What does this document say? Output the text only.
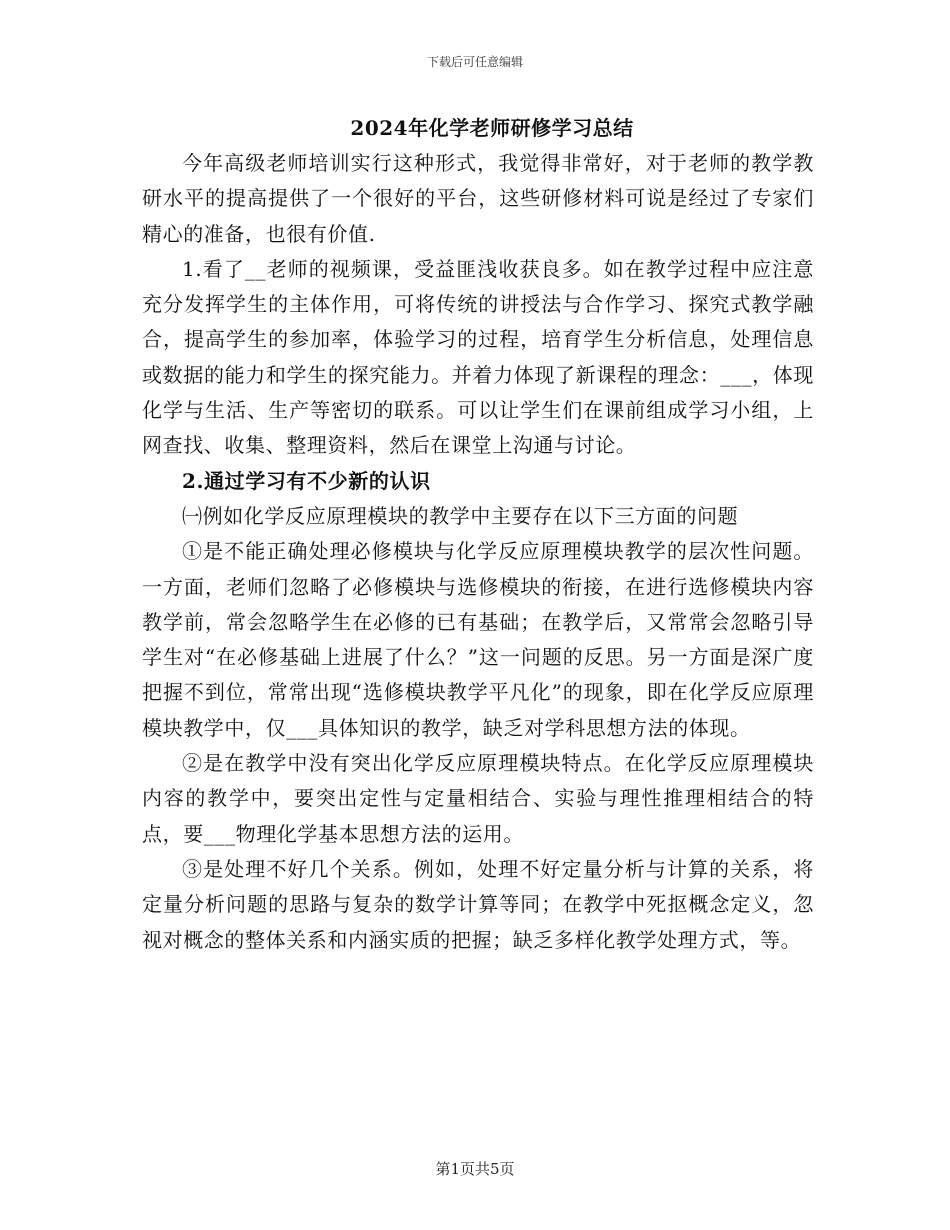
下载后可任意编辑
2024年化学老师研修学习总结

今年高级老师培训实行这种形式，我觉得非常好，对于老师的教学教研水平的提高提供了一个很好的平台，这些研修材料可说是经过了专家们精心的准备，也很有价值.

1.看了__老师的视频课，受益匪浅收获良多。如在教学过程中应注意充分发挥学生的主体作用，可将传统的讲授法与合作学习、探究式教学融合，提高学生的参加率，体验学习的过程，培育学生分析信息，处理信息或数据的能力和学生的探究能力。并着力体现了新课程的理念：___，体现化学与生活、生产等密切的联系。可以让学生们在课前组成学习小组，上网查找、收集、整理资料，然后在课堂上沟通与讨论。

2.通过学习有不少新的认识

㈠例如化学反应原理模块的教学中主要存在以下三方面的问题

①是不能正确处理必修模块与化学反应原理模块教学的层次性问题。一方面，老师们忽略了必修模块与选修模块的衔接，在进行选修模块内容教学前，常会忽略学生在必修的已有基础；在教学后，又常常会忽略引导学生对“在必修基础上进展了什么？”这一问题的反思。另一方面是深广度把握不到位，常常出现“选修模块教学平凡化”的现象，即在化学反应原理模块教学中，仅___具体知识的教学，缺乏对学科思想方法的体现。

②是在教学中没有突出化学反应原理模块特点。在化学反应原理模块内容的教学中，要突出定性与定量相结合、实验与理性推理相结合的特点，要___物理化学基本思想方法的运用。

③是处理不好几个关系。例如，处理不好定量分析与计算的关系，将定量分析问题的思路与复杂的数学计算等同；在教学中死抠概念定义，忽视对概念的整体关系和内涵实质的把握；缺乏多样化教学处理方式，等。

第1页共5页
